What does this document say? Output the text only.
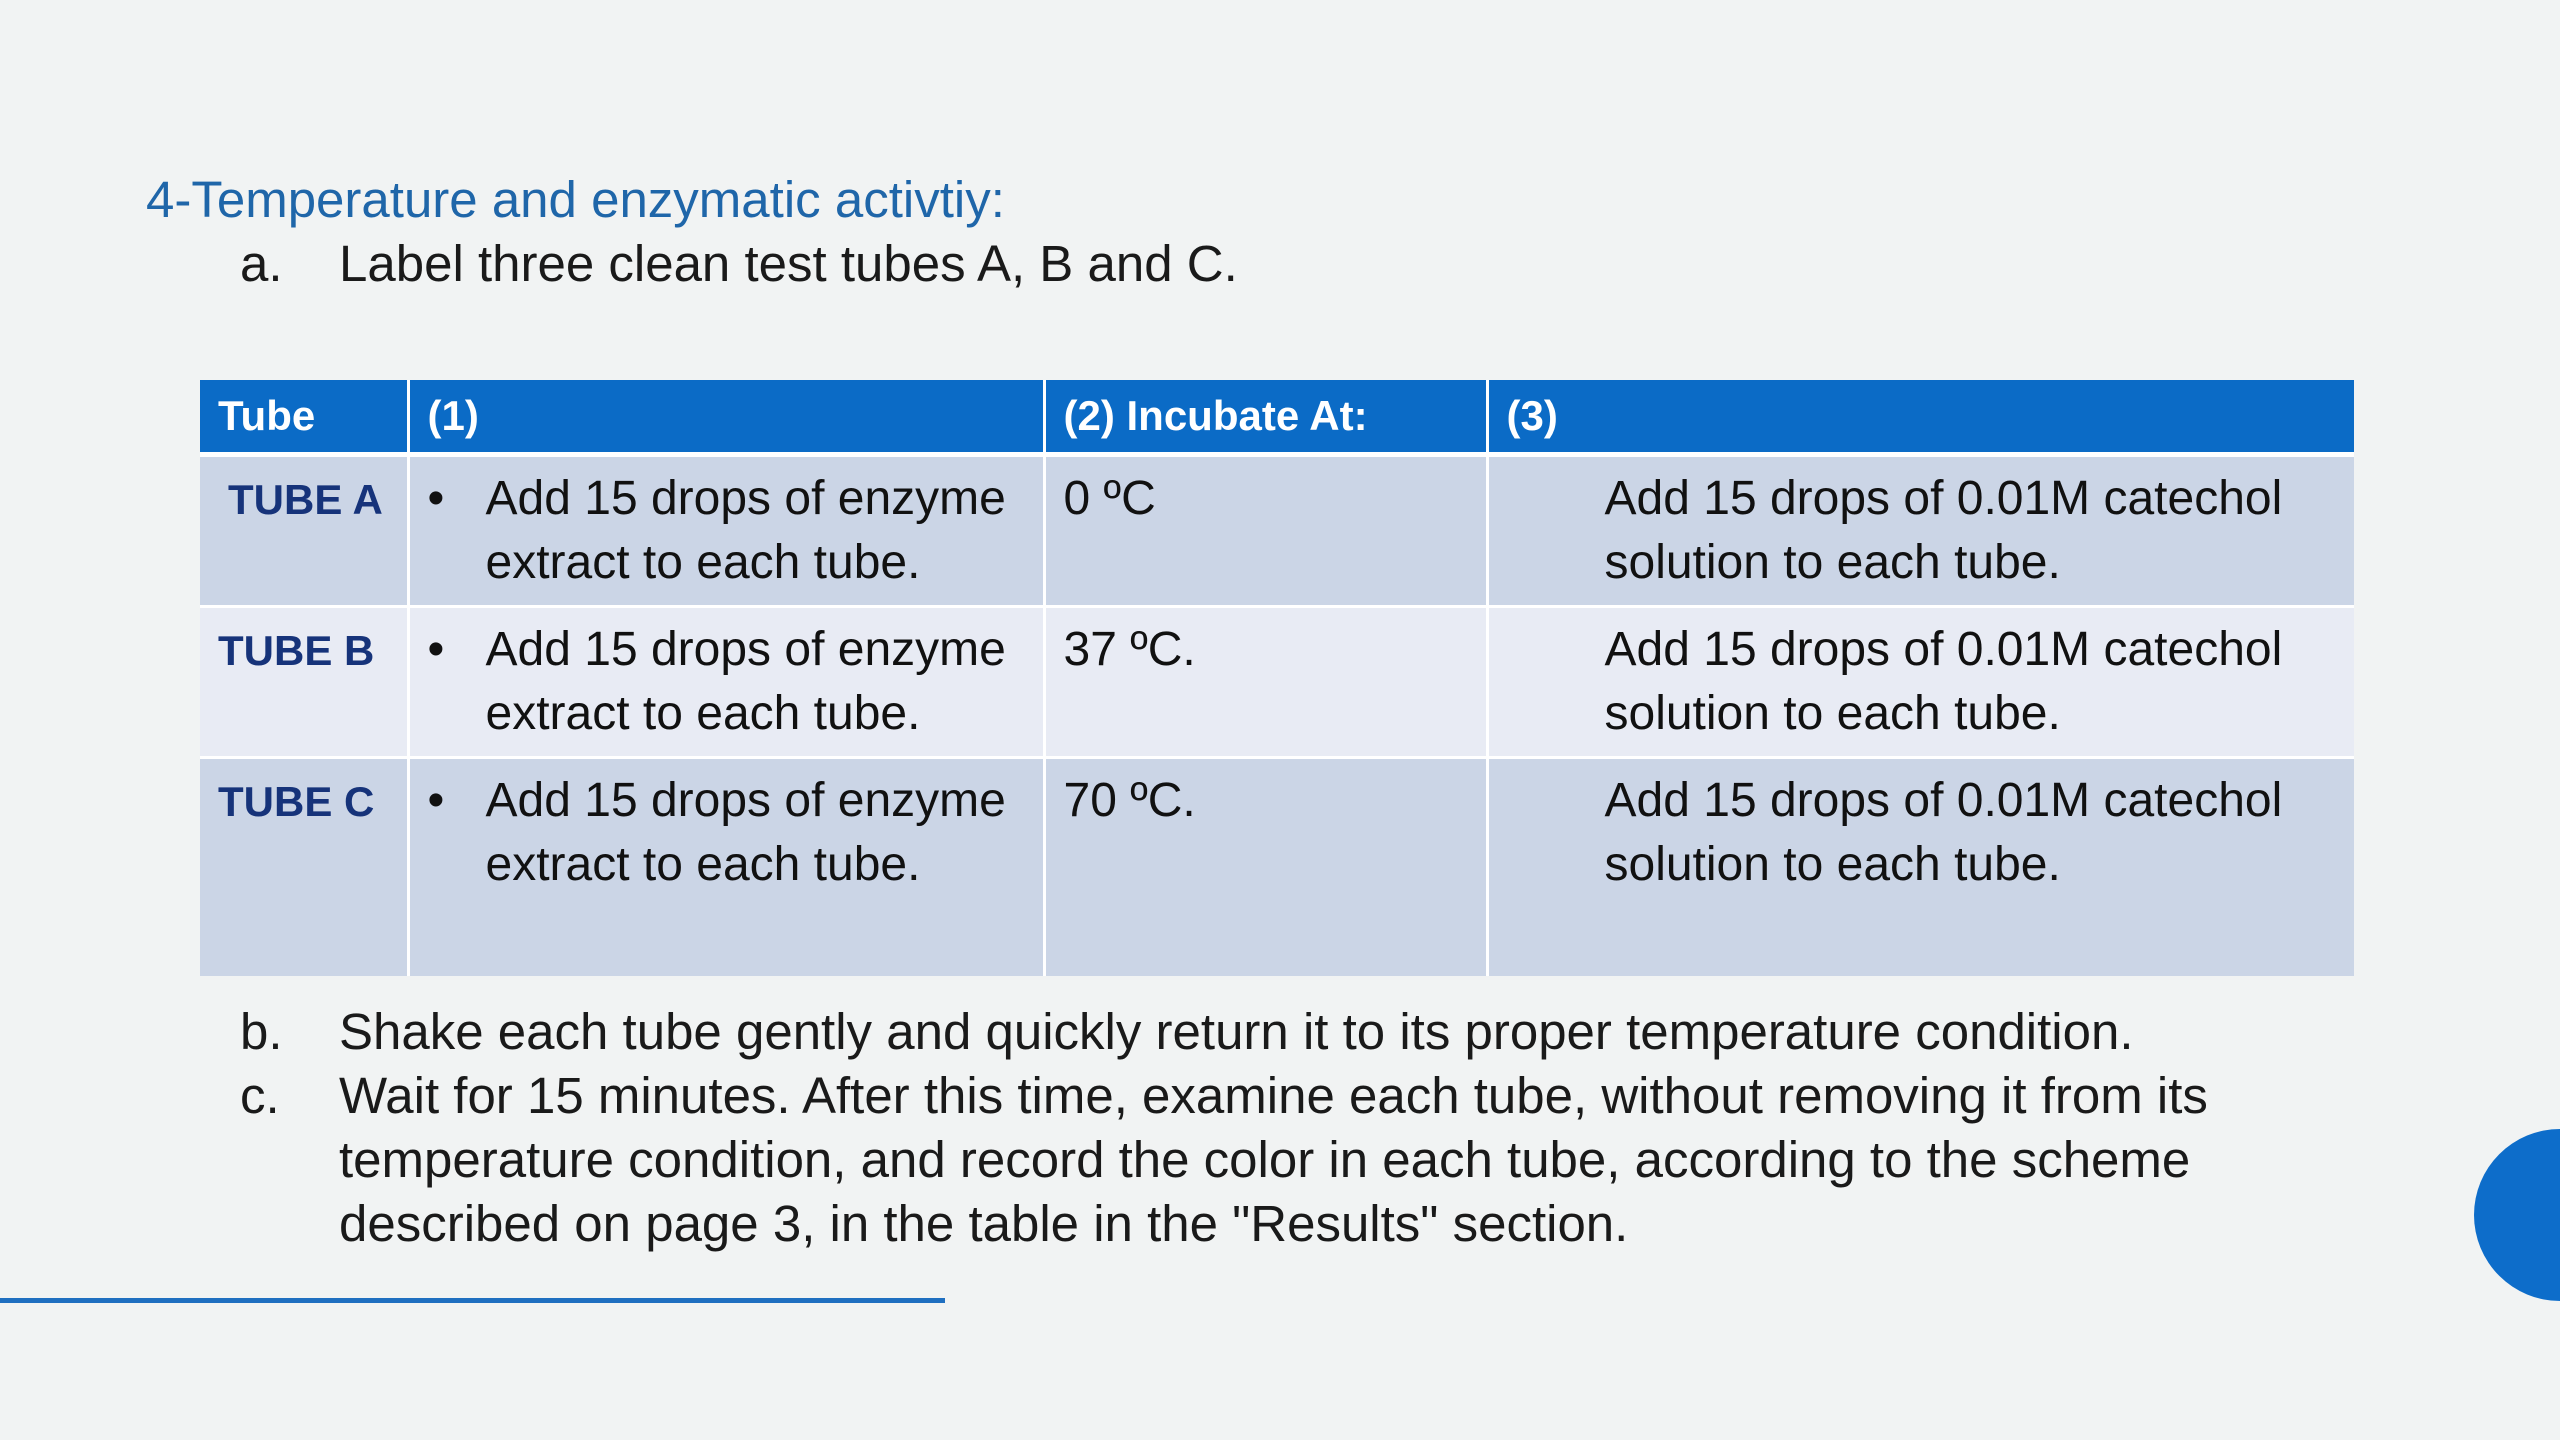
4-Temperature and enzymatic activtiy:
a.	Label three clean test tubes A, B and C.
Tube	(1)	(2) Incubate At:	(3)
TUBE A	• Add 15 drops of enzyme extract to each tube.	0 ºC	Add 15 drops of 0.01M catechol solution to each tube.

TUBE B	• Add 15 drops of enzyme extract to each tube.	37 ºC.	Add 15 drops of 0.01M catechol solution to each tube.

TUBE C	• Add 15 drops of enzyme extract to each tube.	70 ºC.	Add 15 drops of 0.01M catechol solution to each tube.
b.	Shake each tube gently and quickly return it to its proper temperature condition.
c.	Wait for 15 minutes. After this time, examine each tube, without removing it from its temperature condition, and record the color in each tube, according to the scheme described on page 3, in the table in the "Results" section.
